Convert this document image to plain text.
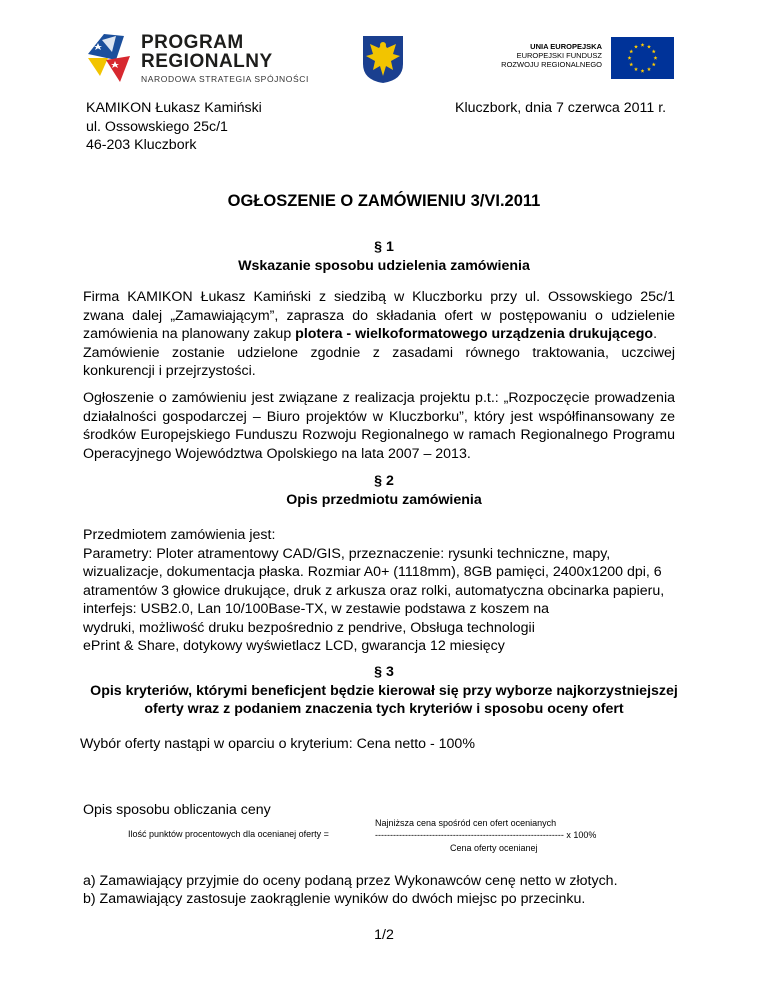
PROGRAM
REGIONALNY
NARODOWA STRATEGIA SPÓJNOŚCI
UNIA EUROPEJSKA
EUROPEJSKI FUNDUSZ
ROZWOJU REGIONALNEGO
KAMIKON Łukasz Kamiński
ul. Ossowskiego 25c/1
46-203 Kluczbork
Kluczbork, dnia 7 czerwca 2011 r.
OGŁOSZENIE O ZAMÓWIENIU 3/VI.2011
§ 1
Wskazanie sposobu udzielenia zamówienia
Firma KAMIKON Łukasz Kamiński z siedzibą w Kluczborku przy ul. Ossowskiego 25c/1 zwana dalej „Zamawiającym”, zaprasza do składania ofert w postępowaniu o udzielenie zamówienia na planowany zakup plotera - wielkoformatowego urządzenia drukującego.
Zamówienie zostanie udzielone zgodnie z zasadami równego traktowania, uczciwej konkurencji i przejrzystości.
Ogłoszenie o zamówieniu jest związane z realizacja projektu p.t.: „Rozpoczęcie prowadzenia działalności gospodarczej – Biuro projektów w Kluczborku”, który jest współfinansowany ze środków Europejskiego Funduszu Rozwoju Regionalnego w ramach Regionalnego Programu Operacyjnego Województwa Opolskiego na lata 2007 – 2013.
§ 2
Opis przedmiotu zamówienia
Przedmiotem zamówienia jest:
Parametry: Ploter atramentowy CAD/GIS, przeznaczenie: rysunki techniczne, mapy,
wizualizacje, dokumentacja płaska. Rozmiar A0+ (1118mm), 8GB pamięci, 2400x1200 dpi, 6
atramentów 3 głowice drukujące, druk z arkusza oraz rolki, automatyczna obcinarka papieru,
interfejs: USB2.0, Lan 10/100Base-TX, w zestawie podstawa z koszem na
wydruki, możliwość druku bezpośrednio z pendrive, Obsługa technologii
ePrint & Share, dotykowy wyświetlacz LCD, gwarancja 12 miesięcy
§ 3
Opis kryteriów, którymi beneficjent będzie kierował się przy wyborze najkorzystniejszej
oferty wraz z podaniem znaczenia tych kryteriów i sposobu oceny ofert
Wybór oferty nastąpi w oparciu o kryterium: Cena netto - 100%
Opis sposobu obliczania ceny
Ilość punktów procentowych dla ocenianej oferty =
Najniższa cena spośród cen ofert ocenianych
--------------------------------------------------------------- x 100%
Cena oferty ocenianej
a) Zamawiający przyjmie do oceny podaną przez Wykonawców cenę netto w złotych.
b) Zamawiający zastosuje zaokrąglenie wyników do dwóch miejsc po przecinku.
1/2
